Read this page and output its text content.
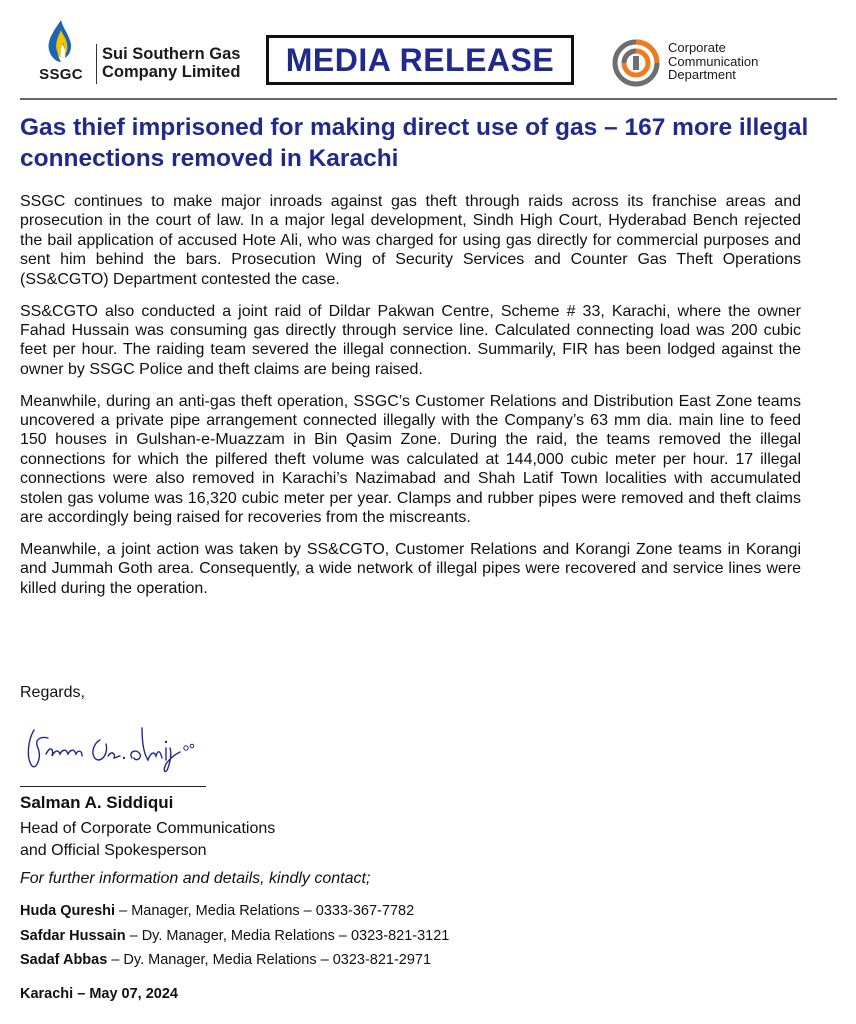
SSGC
Sui Southern Gas
Company Limited MEDIA RELEASE	Corporate
Communication
Department
Gas thief imprisoned for making direct use of gas – 167 more illegal connections removed in Karachi

SSGC continues to make major inroads against gas theft through raids across its franchise areas and prosecution in the court of law. In a major legal development, Sindh High Court, Hyderabad Bench rejected the bail application of accused Hote Ali, who was charged for using gas directly for commercial purposes and sent him behind the bars. Prosecution Wing of Security Services and Counter Gas Theft Operations (SS&CGTO) Department contested the case.

SS&CGTO also conducted a joint raid of Dildar Pakwan Centre, Scheme # 33, Karachi, where the owner Fahad Hussain was consuming gas directly through service line. Calculated connecting load was 200 cubic feet per hour. The raiding team severed the illegal connection. Summarily, FIR has been lodged against the owner by SSGC Police and theft claims are being raised.

Meanwhile, during an anti-gas theft operation, SSGC’s Customer Relations and Distribution East Zone teams uncovered a private pipe arrangement connected illegally with the Company’s 63 mm dia. main line to feed 150 houses in Gulshan-e-Muazzam in Bin Qasim Zone. During the raid, the teams removed the illegal connections for which the pilfered theft volume was calculated at 144,000 cubic meter per hour. 17 illegal connections were also removed in Karachi’s Nazimabad and Shah Latif Town localities with accumulated stolen gas volume was 16,320 cubic meter per year. Clamps and rubber pipes were removed and theft claims are accordingly being raised for recoveries from the miscreants.

Meanwhile, a joint action was taken by SS&CGTO, Customer Relations and Korangi Zone teams in Korangi and Jummah Goth area. Consequently, a wide network of illegal pipes were recovered and service lines were killed during the operation.

Regards,
Salman A. Siddiqui
Head of Corporate Communications
and Official Spokesperson
For further information and details, kindly contact;
Huda Qureshi – Manager, Media Relations – 0333-367-7782
Safdar Hussain – Dy. Manager, Media Relations – 0323-821-3121
Sadaf Abbas – Dy. Manager, Media Relations – 0323-821-2971
Karachi – May 07, 2024
